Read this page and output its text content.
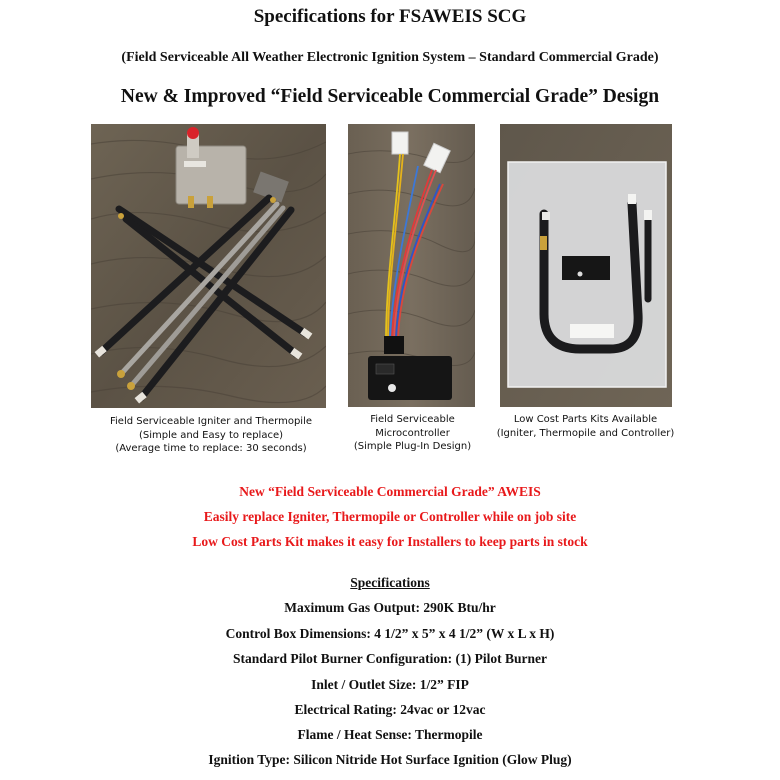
Specifications for FSAWEIS SCG
(Field Serviceable All Weather Electronic Ignition System – Standard Commercial Grade)
New & Improved “Field Serviceable Commercial Grade” Design
Field Serviceable Igniter and Thermopile
(Simple and Easy to replace)
(Average time to replace: 30 seconds)
Field Serviceable
Microcontroller
(Simple Plug-In Design)
Low Cost Parts Kits Available
(Igniter, Thermopile and Controller)
New “Field Serviceable Commercial Grade” AWEIS
Easily replace Igniter, Thermopile or Controller while on job site
Low Cost Parts Kit makes it easy for Installers to keep parts in stock
Specifications
Maximum Gas Output: 290K Btu/hr
Control Box Dimensions: 4 1/2” x 5” x 4 1/2” (W x L x H)
Standard Pilot Burner Configuration: (1) Pilot Burner
Inlet / Outlet Size: 1/2” FIP
Electrical Rating: 24vac or 12vac
Flame / Heat Sense: Thermopile
Ignition Type: Silicon Nitride Hot Surface Ignition (Glow Plug)
